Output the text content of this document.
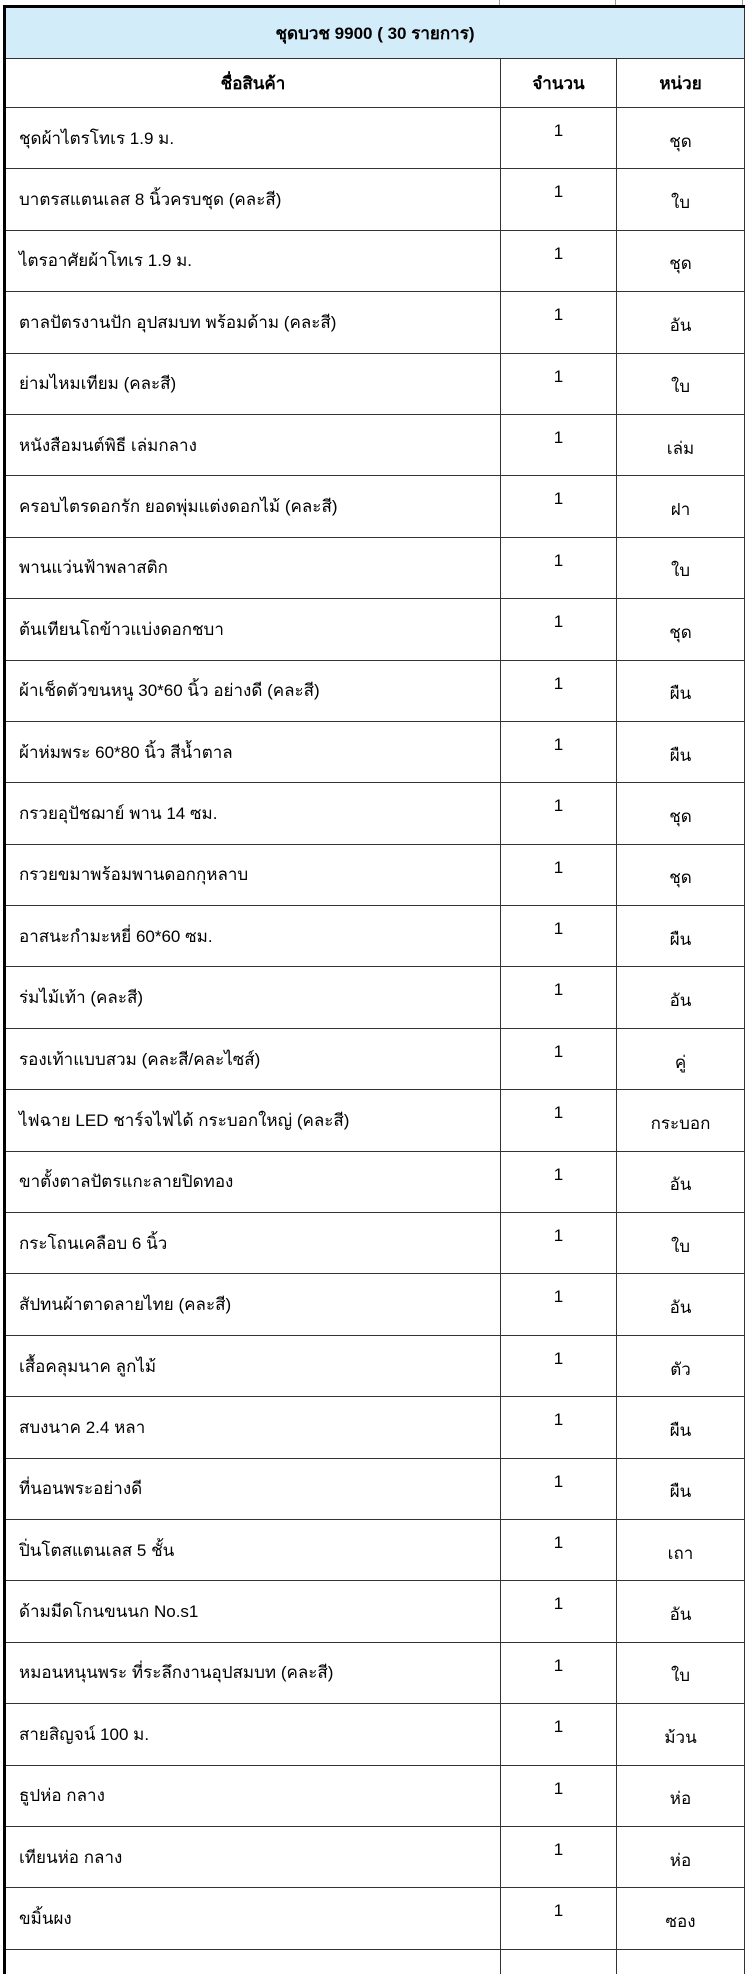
ชุดบวช 9900 ( 30 รายการ)		
ชื่อสินค้า	จำนวน	หน่วย
ชุดผ้าไตรโทเร 1.9 ม.	1	ชุด
บาตรสแตนเลส 8 นิ้วครบชุด (คละสี)	1	ใบ
ไตรอาศัยผ้าโทเร 1.9 ม.	1	ชุด
ตาลปัตรงานปัก อุปสมบท พร้อมด้าม (คละสี)	1	อัน
ย่ามไหมเทียม (คละสี)	1	ใบ
หนังสือมนต์พิธี เล่มกลาง	1	เล่ม
ครอบไตรดอกรัก ยอดพุ่มแต่งดอกไม้ (คละสี)	1	ฝา
พานแว่นฟ้าพลาสติก	1	ใบ
ต้นเทียนโถข้าวแบ่งดอกชบา	1	ชุด
ผ้าเช็ดตัวขนหนู 30*60 นิ้ว อย่างดี (คละสี)	1	ผืน
ผ้าห่มพระ 60*80 นิ้ว สีน้ำตาล	1	ผืน
กรวยอุปัชฌาย์ พาน 14 ซม.	1	ชุด
กรวยขมาพร้อมพานดอกกุหลาบ	1	ชุด
อาสนะกำมะหยี่ 60*60 ซม.	1	ผืน
ร่มไม้เท้า (คละสี)	1	อัน
รองเท้าแบบสวม (คละสี/คละไซส์)	1	คู่
ไฟฉาย LED ชาร์จไฟได้ กระบอกใหญ่ (คละสี)	1	กระบอก
ขาตั้งตาลปัตรแกะลายปิดทอง	1	อัน
กระโถนเคลือบ 6 นิ้ว	1	ใบ
สัปทนผ้าตาดลายไทย (คละสี)	1	อัน
เสื้อคลุมนาค ลูกไม้	1	ตัว
สบงนาค 2.4 หลา	1	ผืน
ที่นอนพระอย่างดี	1	ผืน
ปิ่นโตสแตนเลส 5 ชั้น	1	เถา
ด้ามมีดโกนขนนก No.s1	1	อัน
หมอนหนุนพระ ที่ระลึกงานอุปสมบท (คละสี)	1	ใบ
สายสิญจน์ 100 ม.	1	ม้วน
ธูปห่อ กลาง	1	ห่อ
เทียนห่อ กลาง	1	ห่อ
ขมิ้นผง	1	ซอง
